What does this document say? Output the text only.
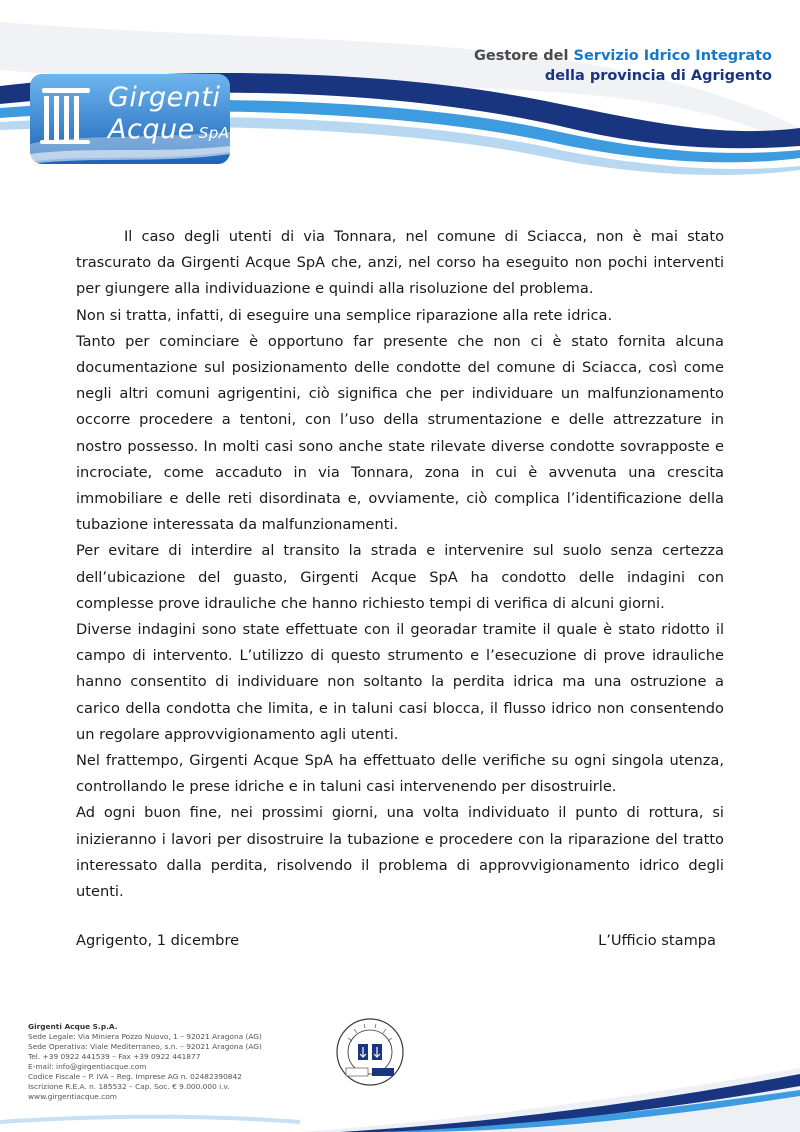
Gestore del Servizio Idrico Integrato
della provincia di Agrigento
Girgenti
Acque SpA

Il caso degli utenti di via Tonnara, nel comune di Sciacca, non è mai stato trascurato da Girgenti Acque SpA che, anzi, nel corso ha eseguito non pochi interventi per giungere alla individuazione e quindi alla risoluzione del problema.

Non si tratta, infatti, di eseguire una semplice riparazione alla rete idrica.

Tanto per cominciare è opportuno far presente che non ci è stato fornita alcuna documentazione sul posizionamento delle condotte del comune di Sciacca, così come negli altri comuni agrigentini, ciò significa che per individuare un malfunzionamento occorre procedere a tentoni, con l’uso della strumentazione e delle attrezzature in nostro possesso. In molti casi sono anche state rilevate diverse condotte sovrapposte e incrociate, come accaduto in via Tonnara, zona in cui è avvenuta una crescita immobiliare e delle reti disordinata e, ovviamente, ciò complica l’identificazione della tubazione interessata da malfunzionamenti.

Per evitare di interdire al transito la strada e intervenire sul suolo senza certezza dell’ubicazione del guasto, Girgenti Acque SpA ha condotto delle indagini con complesse prove idrauliche che hanno richiesto tempi di verifica di alcuni giorni.

Diverse indagini sono state effettuate con il georadar tramite il quale è stato ridotto il campo di intervento. L’utilizzo di questo strumento e l’esecuzione di prove idrauliche hanno consentito di individuare non soltanto la perdita idrica ma una ostruzione a carico della condotta che limita, e in taluni casi blocca, il flusso idrico non consentendo un regolare approvvigionamento agli utenti.

Nel frattempo, Girgenti Acque SpA ha effettuato delle verifiche su ogni singola utenza, controllando le prese idriche e in taluni casi intervenendo per disostruirle.

Ad ogni buon fine, nei prossimi giorni, una volta individuato il punto di rottura, si inizieranno i lavori per disostruire la tubazione e procedere con la riparazione del tratto interessato dalla perdita, risolvendo il problema di approvvigionamento idrico degli utenti.

Agrigento, 1 dicembre	L’Ufficio stampa
Girgenti Acque S.p.A.
Sede Legale: Via Miniera Pozzo Nuovo, 1 – 92021 Aragona (AG)
Sede Operativa: Viale Mediterraneo, s.n. – 92021 Aragona (AG)
Tel. +39 0922 441539 – Fax +39 0922 441877
E-mail: info@girgentiacque.com
Codice Fiscale – P. IVA – Reg. Imprese AG n. 02482390842
Iscrizione R.E.A. n. 185532 – Cap. Soc. € 9.000.000 i.v.
www.girgentiacque.com
